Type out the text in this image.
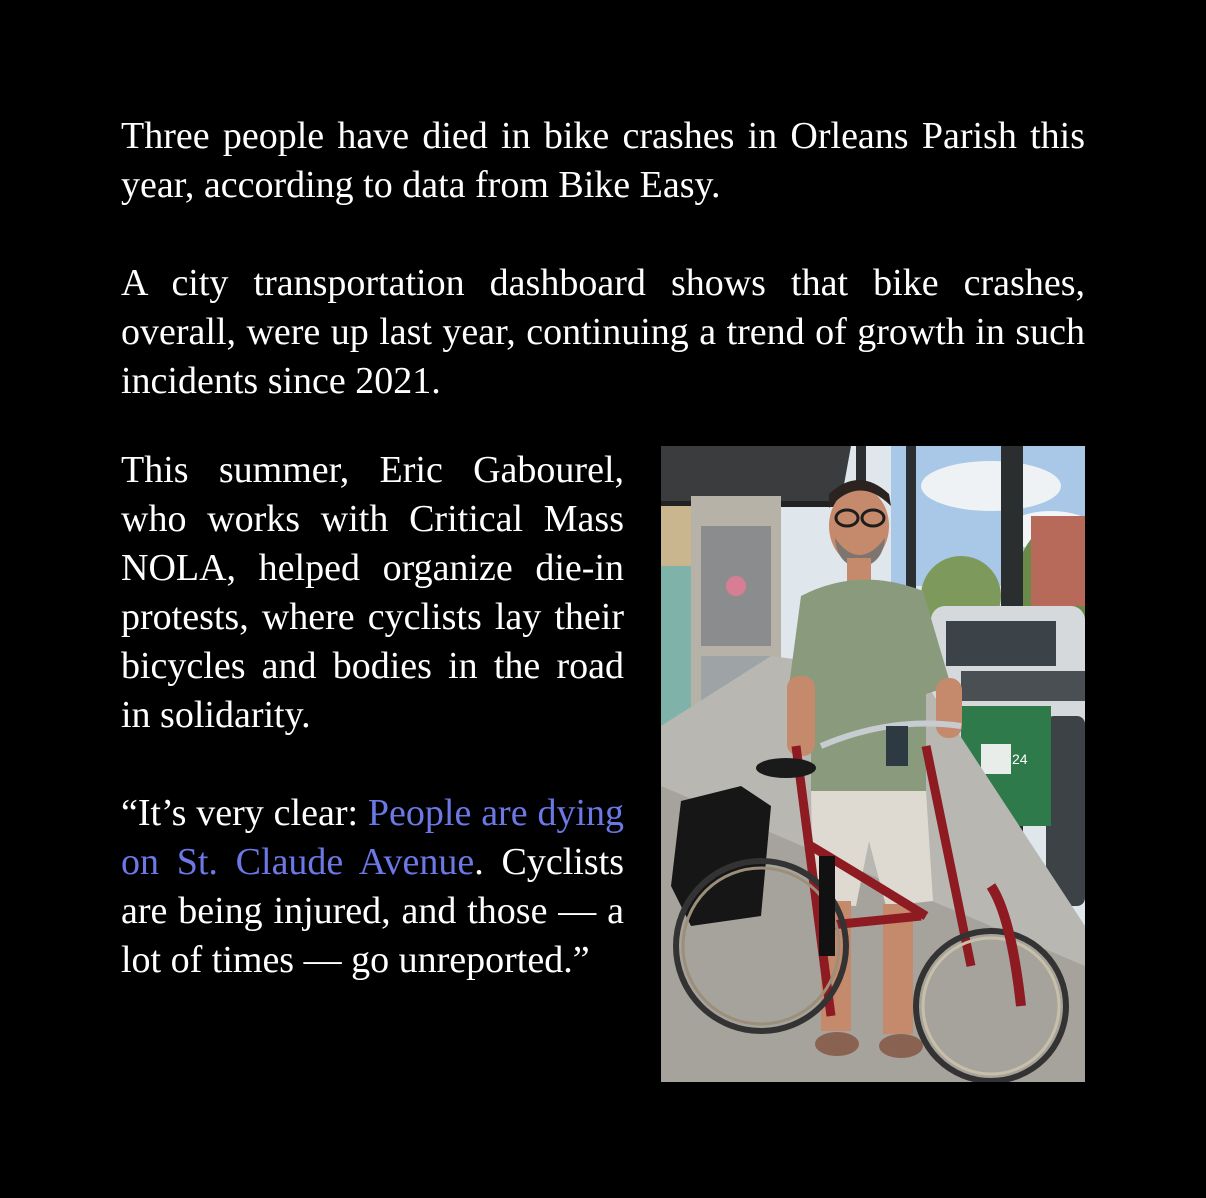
Three people have died in bike crashes in Orleans Parish this year, according to data from Bike Easy.

A city transportation dashboard shows that bike crashes, overall, were up last year, continuing a trend of growth in such incidents since 2021.

This summer, Eric Gabourel, who works with Critical Mass NOLA, helped organize die-in protests, where cyclists lay their bicycles and bodies in the road in solidarity.

“It’s very clear: People are dying on St. Claude Avenue. Cyclists are being injured, and those — a lot of times — go unreported.”

24
